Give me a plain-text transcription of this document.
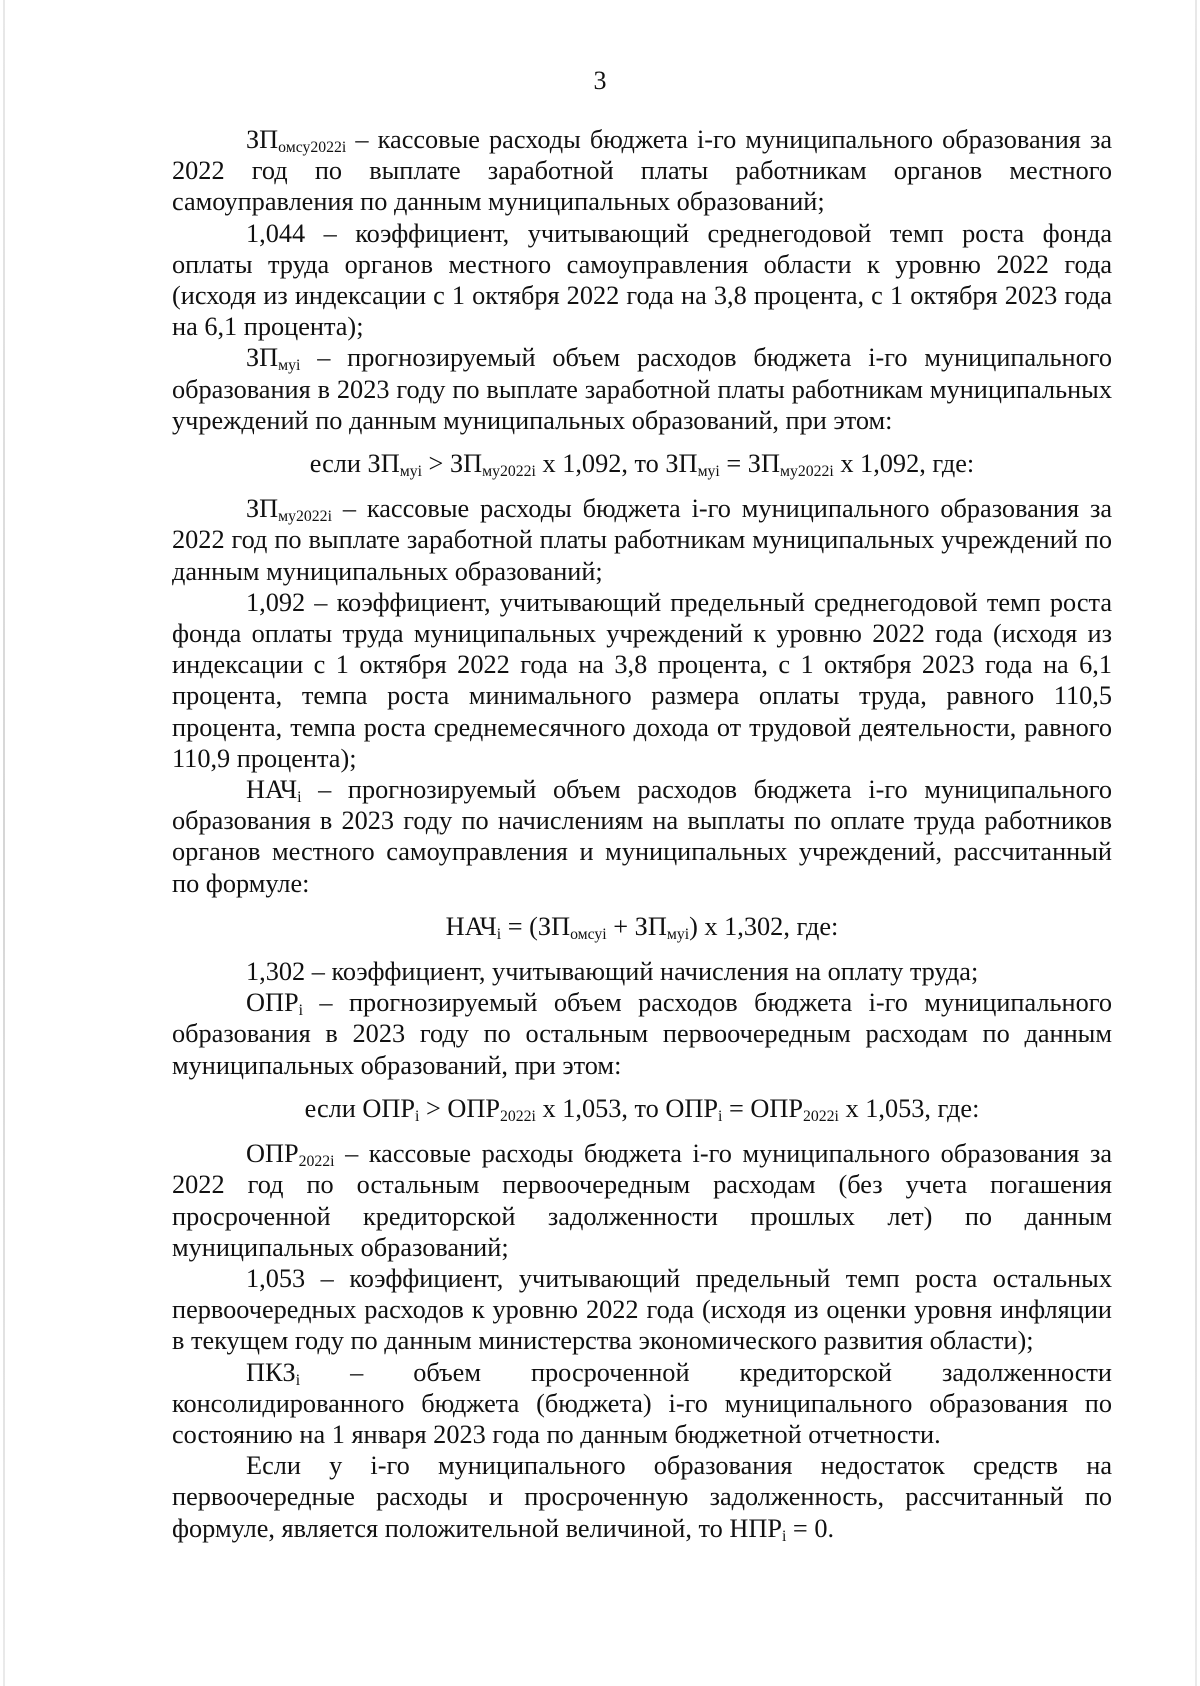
3

$ЗП_{омсу2022i}$ – кассовые расходы бюджета i-го муниципального образования за 2022 год по выплате заработной платы работникам органов местного самоуправления по данным муниципальных образований;

1,044 – коэффициент, учитывающий среднегодовой темп роста фонда оплаты труда органов местного самоуправления области к уровню 2022 года (исходя из индексации с 1 октября 2022 года на 3,8 процента, с 1 октября 2023 года на 6,1 процента);

$ЗП_{муi}$ – прогнозируемый объем расходов бюджета i-го муниципального образования в 2023 году по выплате заработной платы работникам муниципальных учреждений по данным муниципальных образований, при этом:

если $ЗП_{муi} > ЗП_{му2022i}$ х 1,092, то $ЗП_{муi} = ЗП_{му2022i}$ х 1,092, где:

$ЗП_{му2022i}$ – кассовые расходы бюджета i-го муниципального образования за 2022 год по выплате заработной платы работникам муниципальных учреждений по данным муниципальных образований;

1,092 – коэффициент, учитывающий предельный среднегодовой темп роста фонда оплаты труда муниципальных учреждений к уровню 2022 года (исходя из индексации с 1 октября 2022 года на 3,8 процента, с 1 октября 2023 года на 6,1 процента, темпа роста минимального размера оплаты труда, равного 110,5 процента, темпа роста среднемесячного дохода от трудовой деятельности, равного 110,9 процента);

$НАЧ_i$ – прогнозируемый объем расходов бюджета i-го муниципального образования в 2023 году по начислениям на выплаты по оплате труда работников органов местного самоуправления и муниципальных учреждений, рассчитанный по формуле:

$НАЧ_i = (ЗП_{омсуi} + ЗП_{муi})$ х 1,302, где:

1,302 – коэффициент, учитывающий начисления на оплату труда;

$ОПР_i$ – прогнозируемый объем расходов бюджета i-го муниципального образования в 2023 году по остальным первоочередным расходам по данным муниципальных образований, при этом:

если $ОПР_i > ОПР_{2022i}$ х 1,053, то $ОПР_i = ОПР_{2022i}$ х 1,053, где:

$ОПР_{2022i}$ – кассовые расходы бюджета i-го муниципального образования за 2022 год по остальным первоочередным расходам (без учета погашения просроченной кредиторской задолженности прошлых лет) по данным муниципальных образований;

1,053 – коэффициент, учитывающий предельный темп роста остальных первоочередных расходов к уровню 2022 года (исходя из оценки уровня инфляции в текущем году по данным министерства экономического развития области);

$ПКЗ_i$ – объем просроченной кредиторской задолженности консолидированного бюджета (бюджета) i-го муниципального образования по состоянию на 1 января 2023 года по данным бюджетной отчетности.

Если у i-го муниципального образования недостаток средств на первоочередные расходы и просроченную задолженность, рассчитанный по формуле, является положительной величиной, то $НПР_i = 0$.
